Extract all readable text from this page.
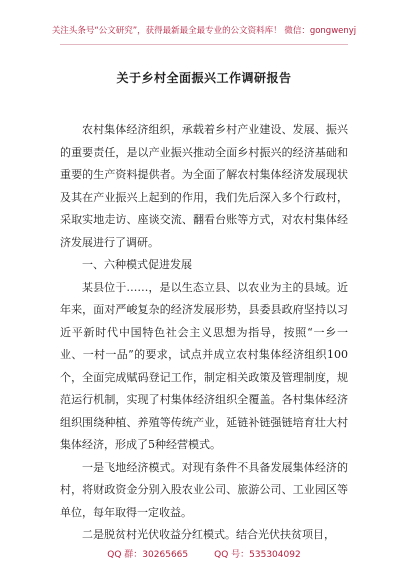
关注头条号“公文研究”，获得最新最全最专业的公文资料库！ 微信：gongwenyj
关于乡村全面振兴工作调研报告

农村集体经济组织，承载着乡村产业建设、发展、振兴的重要责任，是以产业振兴推动全面乡村振兴的经济基础和重要的生产资料提供者。为全面了解农村集体经济发展现状及其在产业振兴上起到的作用，我们先后深入多个行政村，采取实地走访、座谈交流、翻看台账等方式，对农村集体经济发展进行了调研。

一、六种模式促进发展

某县位于……，是以生态立县、以农业为主的县域。近年来，面对严峻复杂的经济发展形势，县委县政府坚持以习近平新时代中国特色社会主义思想为指导，按照“一乡一业、一村一品”的要求，试点并成立农村集体经济组织100个，全面完成赋码登记工作，制定相关政策及管理制度，规范运行机制，实现了村集体经济组织全覆盖。各村集体经济组织围绕种植、养殖等传统产业，延链补链强链培育壮大村集体经济，形成了5种经营模式。

一是飞地经济模式。对现有条件不具备发展集体经济的村，将财政资金分别入股农业公司、旅游公司、工业园区等单位，每年取得一定收益。

二是脱贫村光伏收益分红模式。结合光伏扶贫项目，

QQ 群：30265665	QQ 号：535304092
